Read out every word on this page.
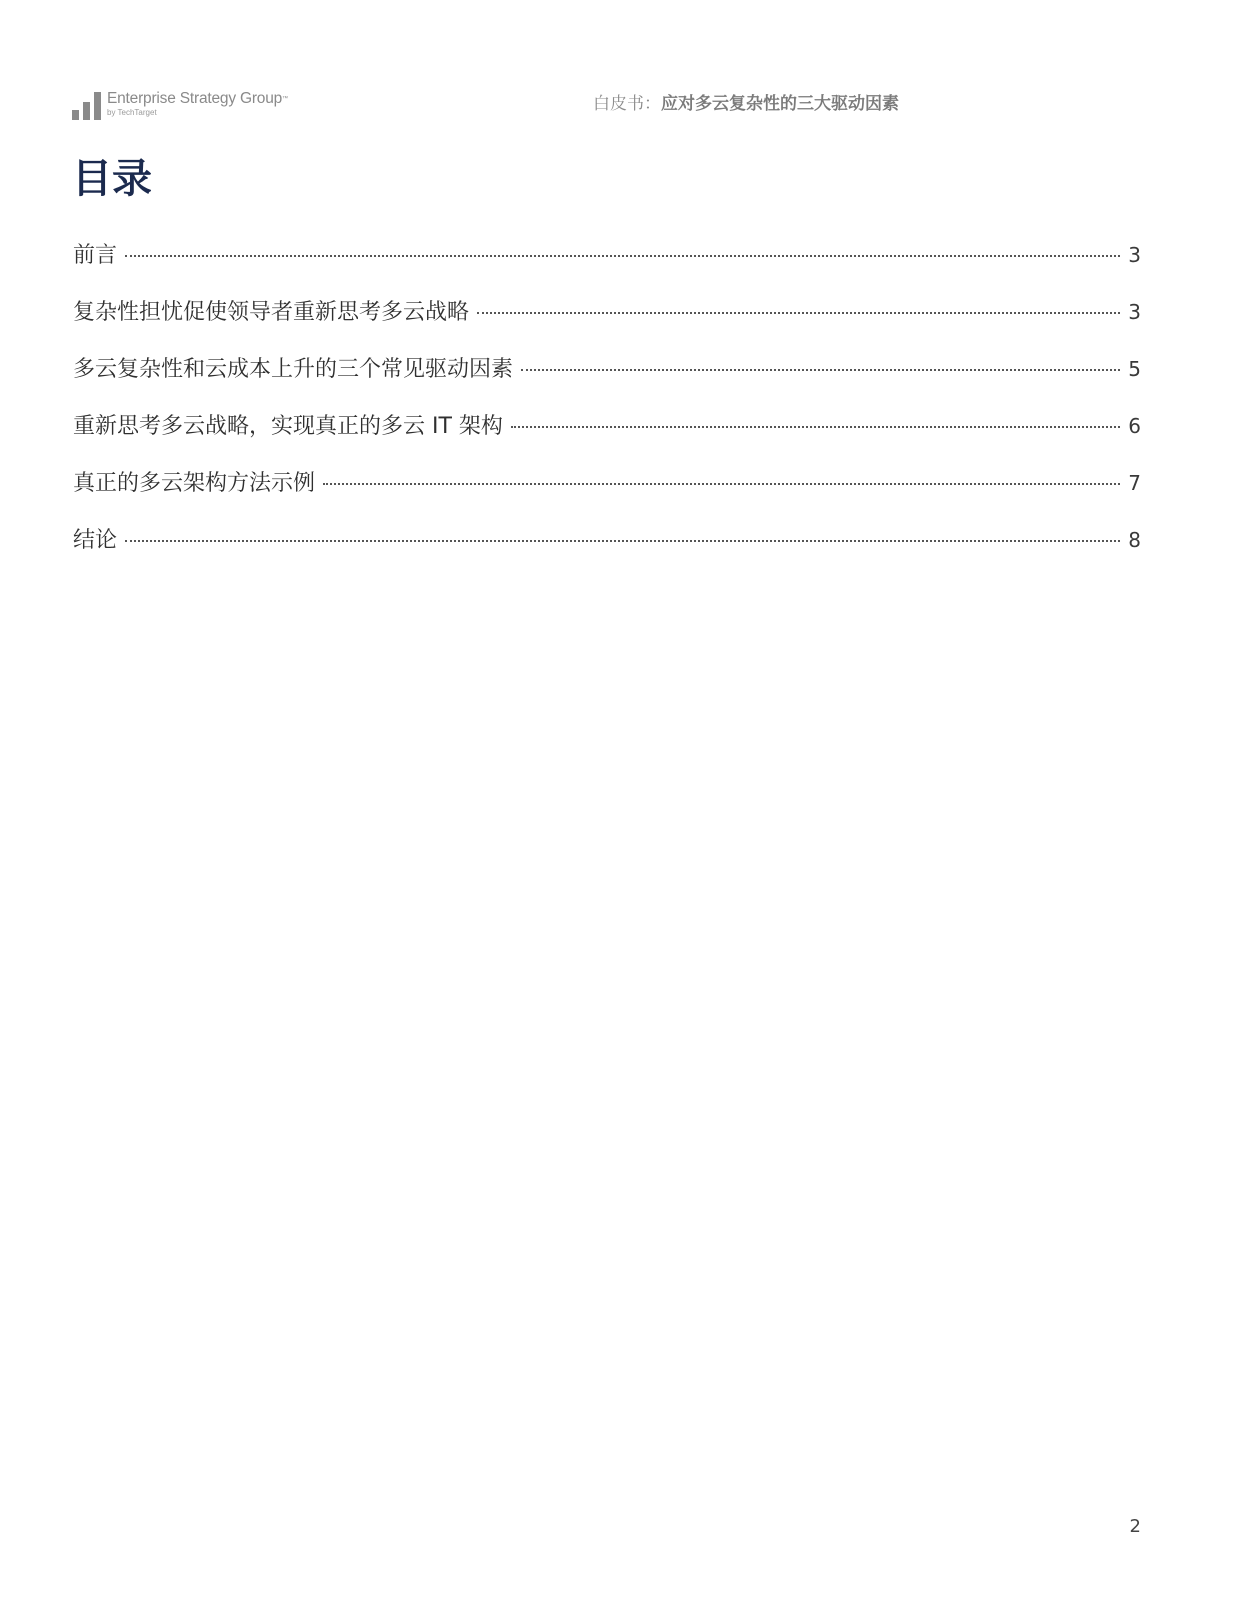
Enterprise Strategy Group™
by TechTarget	白皮书：应对多云复杂性的三大驱动因素
目录
前言	3
复杂性担忧促使领导者重新思考多云战略	3
多云复杂性和云成本上升的三个常见驱动因素	5
重新思考多云战略，实现真正的多云 IT 架构	6
真正的多云架构方法示例	7
结论	8
2
